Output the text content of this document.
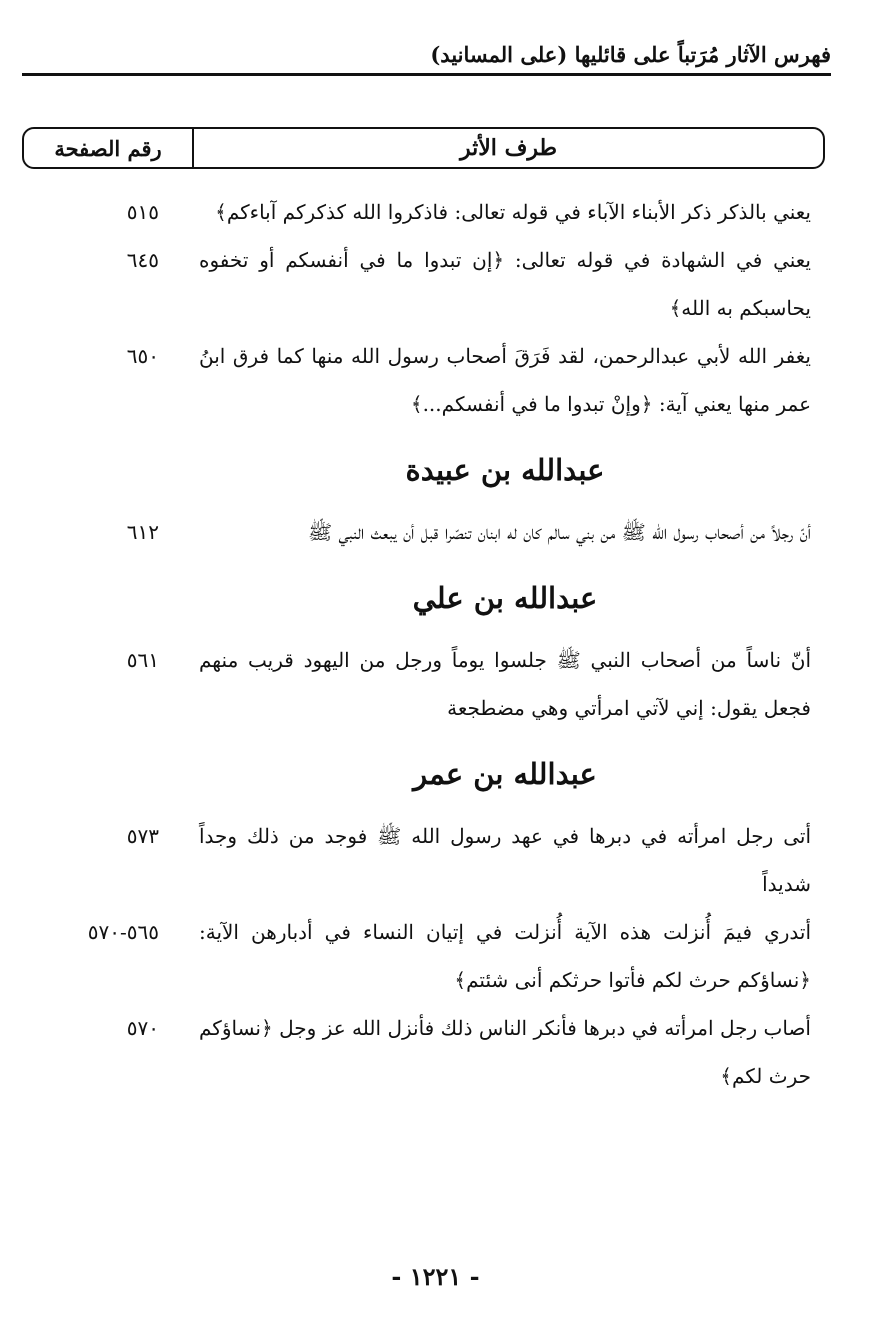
فهرس الآثار مُرَتباً على قائليها (على المسانيد)
طرف الأثر
رقم الصفحة
يعني بالذكر ذكر الأبناء الآباء في قوله تعالى: فاذكروا الله كذكركم آباءكم﴾
٥١٥
يعني في الشهادة في قوله تعالى: ﴿إن تبدوا ما في أنفسكم أو تخفوه يحاسبكم به الله﴾
٦٤٥
يغفر الله لأبي عبدالرحمن، لقد فَرَقَ أصحاب رسول الله منها كما فرق ابنُ عمر منها يعني آية: ﴿وإنْ تبدوا ما في أنفسكم...﴾
٦٥٠
عبدالله بن عبيدة
أنّ رجلاً من أصحاب رسول الله ﷺ من بني سالم كان له ابنان تنصّرا قبل أن يبعث النبي ﷺ
٦١٢
عبدالله بن علي
أنّ ناساً من أصحاب النبي ﷺ جلسوا يوماً ورجل من اليهود قريب منهم فجعل يقول: إني لآتي امرأتي وهي مضطجعة
٥٦١
عبدالله بن عمر
أتى رجل امرأته في دبرها في عهد رسول الله ﷺ فوجد من ذلك وجداً شديداً
٥٧٣
أتدري فيمَ أُنزلت هذه الآية أُنزلت في إتيان النساء في أدبارهن الآية: ﴿نساؤكم حرث لكم فأتوا حرثكم أنى شئتم﴾
٥٦٥-٥٧٠
أصاب رجل امرأته في دبرها فأنكر الناس ذلك فأنزل الله عز وجل ﴿نساؤكم حرث لكم﴾
٥٧٠
- ١٢٢١ -
